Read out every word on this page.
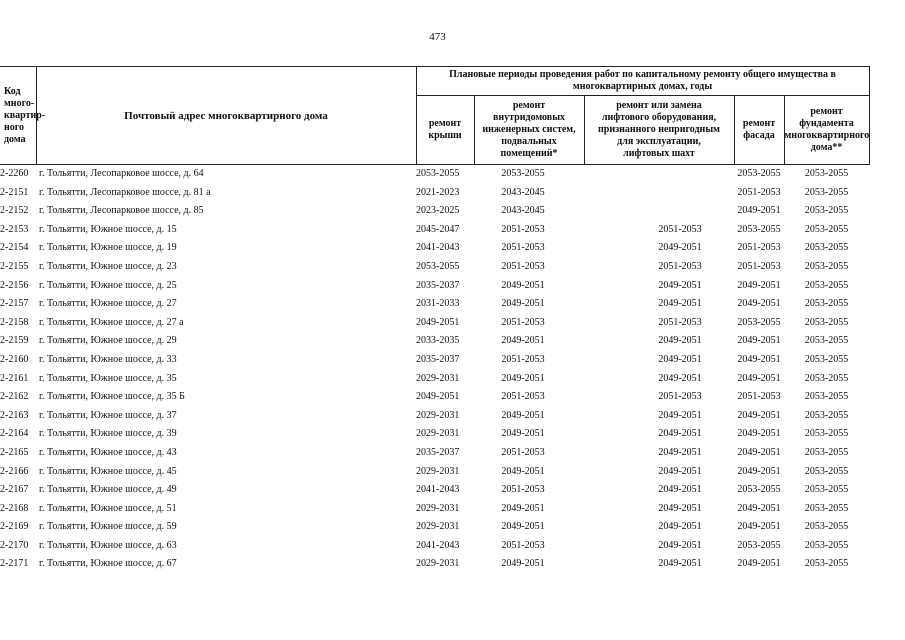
473
Код
много-
квартир-
ного
дома	Почтовый адрес многоквартирного дома	Плановые периоды проведения работ по капитальному ремонту общего имущества в
многоквартирных домах, годы				
		ремонт
крыши	ремонт
внутридомовых
инженерных систем,
подвальных
помещений*	ремонт или замена
лифтового оборудования,
признанного непригодным
для эксплуатации,
лифтовых шахт	ремонт
фасада	ремонт
фундамента
многоквартирного
дома**
2-2260	г. Тольятти, Лесопарковое шоссе, д. 64	2053-2055	2053-2055		2053-2055	2053-2055
2-2151	г. Тольятти, Лесопарковое шоссе, д. 81 а	2021-2023	2043-2045		2051-2053	2053-2055
2-2152	г. Тольятти, Лесопарковое шоссе, д. 85	2023-2025	2043-2045		2049-2051	2053-2055
2-2153	г. Тольятти, Южное шоссе, д. 15	2045-2047	2051-2053	2051-2053	2053-2055	2053-2055
2-2154	г. Тольятти, Южное шоссе, д. 19	2041-2043	2051-2053	2049-2051	2051-2053	2053-2055
2-2155	г. Тольятти, Южное шоссе, д. 23	2053-2055	2051-2053	2051-2053	2051-2053	2053-2055
2-2156	г. Тольятти, Южное шоссе, д. 25	2035-2037	2049-2051	2049-2051	2049-2051	2053-2055
2-2157	г. Тольятти, Южное шоссе, д. 27	2031-2033	2049-2051	2049-2051	2049-2051	2053-2055
2-2158	г. Тольятти, Южное шоссе, д. 27 а	2049-2051	2051-2053	2051-2053	2053-2055	2053-2055
2-2159	г. Тольятти, Южное шоссе, д. 29	2033-2035	2049-2051	2049-2051	2049-2051	2053-2055
2-2160	г. Тольятти, Южное шоссе, д. 33	2035-2037	2051-2053	2049-2051	2049-2051	2053-2055
2-2161	г. Тольятти, Южное шоссе, д. 35	2029-2031	2049-2051	2049-2051	2049-2051	2053-2055
2-2162	г. Тольятти, Южное шоссе, д. 35 Б	2049-2051	2051-2053	2051-2053	2051-2053	2053-2055
2-2163	г. Тольятти, Южное шоссе, д. 37	2029-2031	2049-2051	2049-2051	2049-2051	2053-2055
2-2164	г. Тольятти, Южное шоссе, д. 39	2029-2031	2049-2051	2049-2051	2049-2051	2053-2055
2-2165	г. Тольятти, Южное шоссе, д. 43	2035-2037	2051-2053	2049-2051	2049-2051	2053-2055
2-2166	г. Тольятти, Южное шоссе, д. 45	2029-2031	2049-2051	2049-2051	2049-2051	2053-2055
2-2167	г. Тольятти, Южное шоссе, д. 49	2041-2043	2051-2053	2049-2051	2053-2055	2053-2055
2-2168	г. Тольятти, Южное шоссе, д. 51	2029-2031	2049-2051	2049-2051	2049-2051	2053-2055
2-2169	г. Тольятти, Южное шоссе, д. 59	2029-2031	2049-2051	2049-2051	2049-2051	2053-2055
2-2170	г. Тольятти, Южное шоссе, д. 63	2041-2043	2051-2053	2049-2051	2053-2055	2053-2055
2-2171	г. Тольятти, Южное шоссе, д. 67	2029-2031	2049-2051	2049-2051	2049-2051	2053-2055
